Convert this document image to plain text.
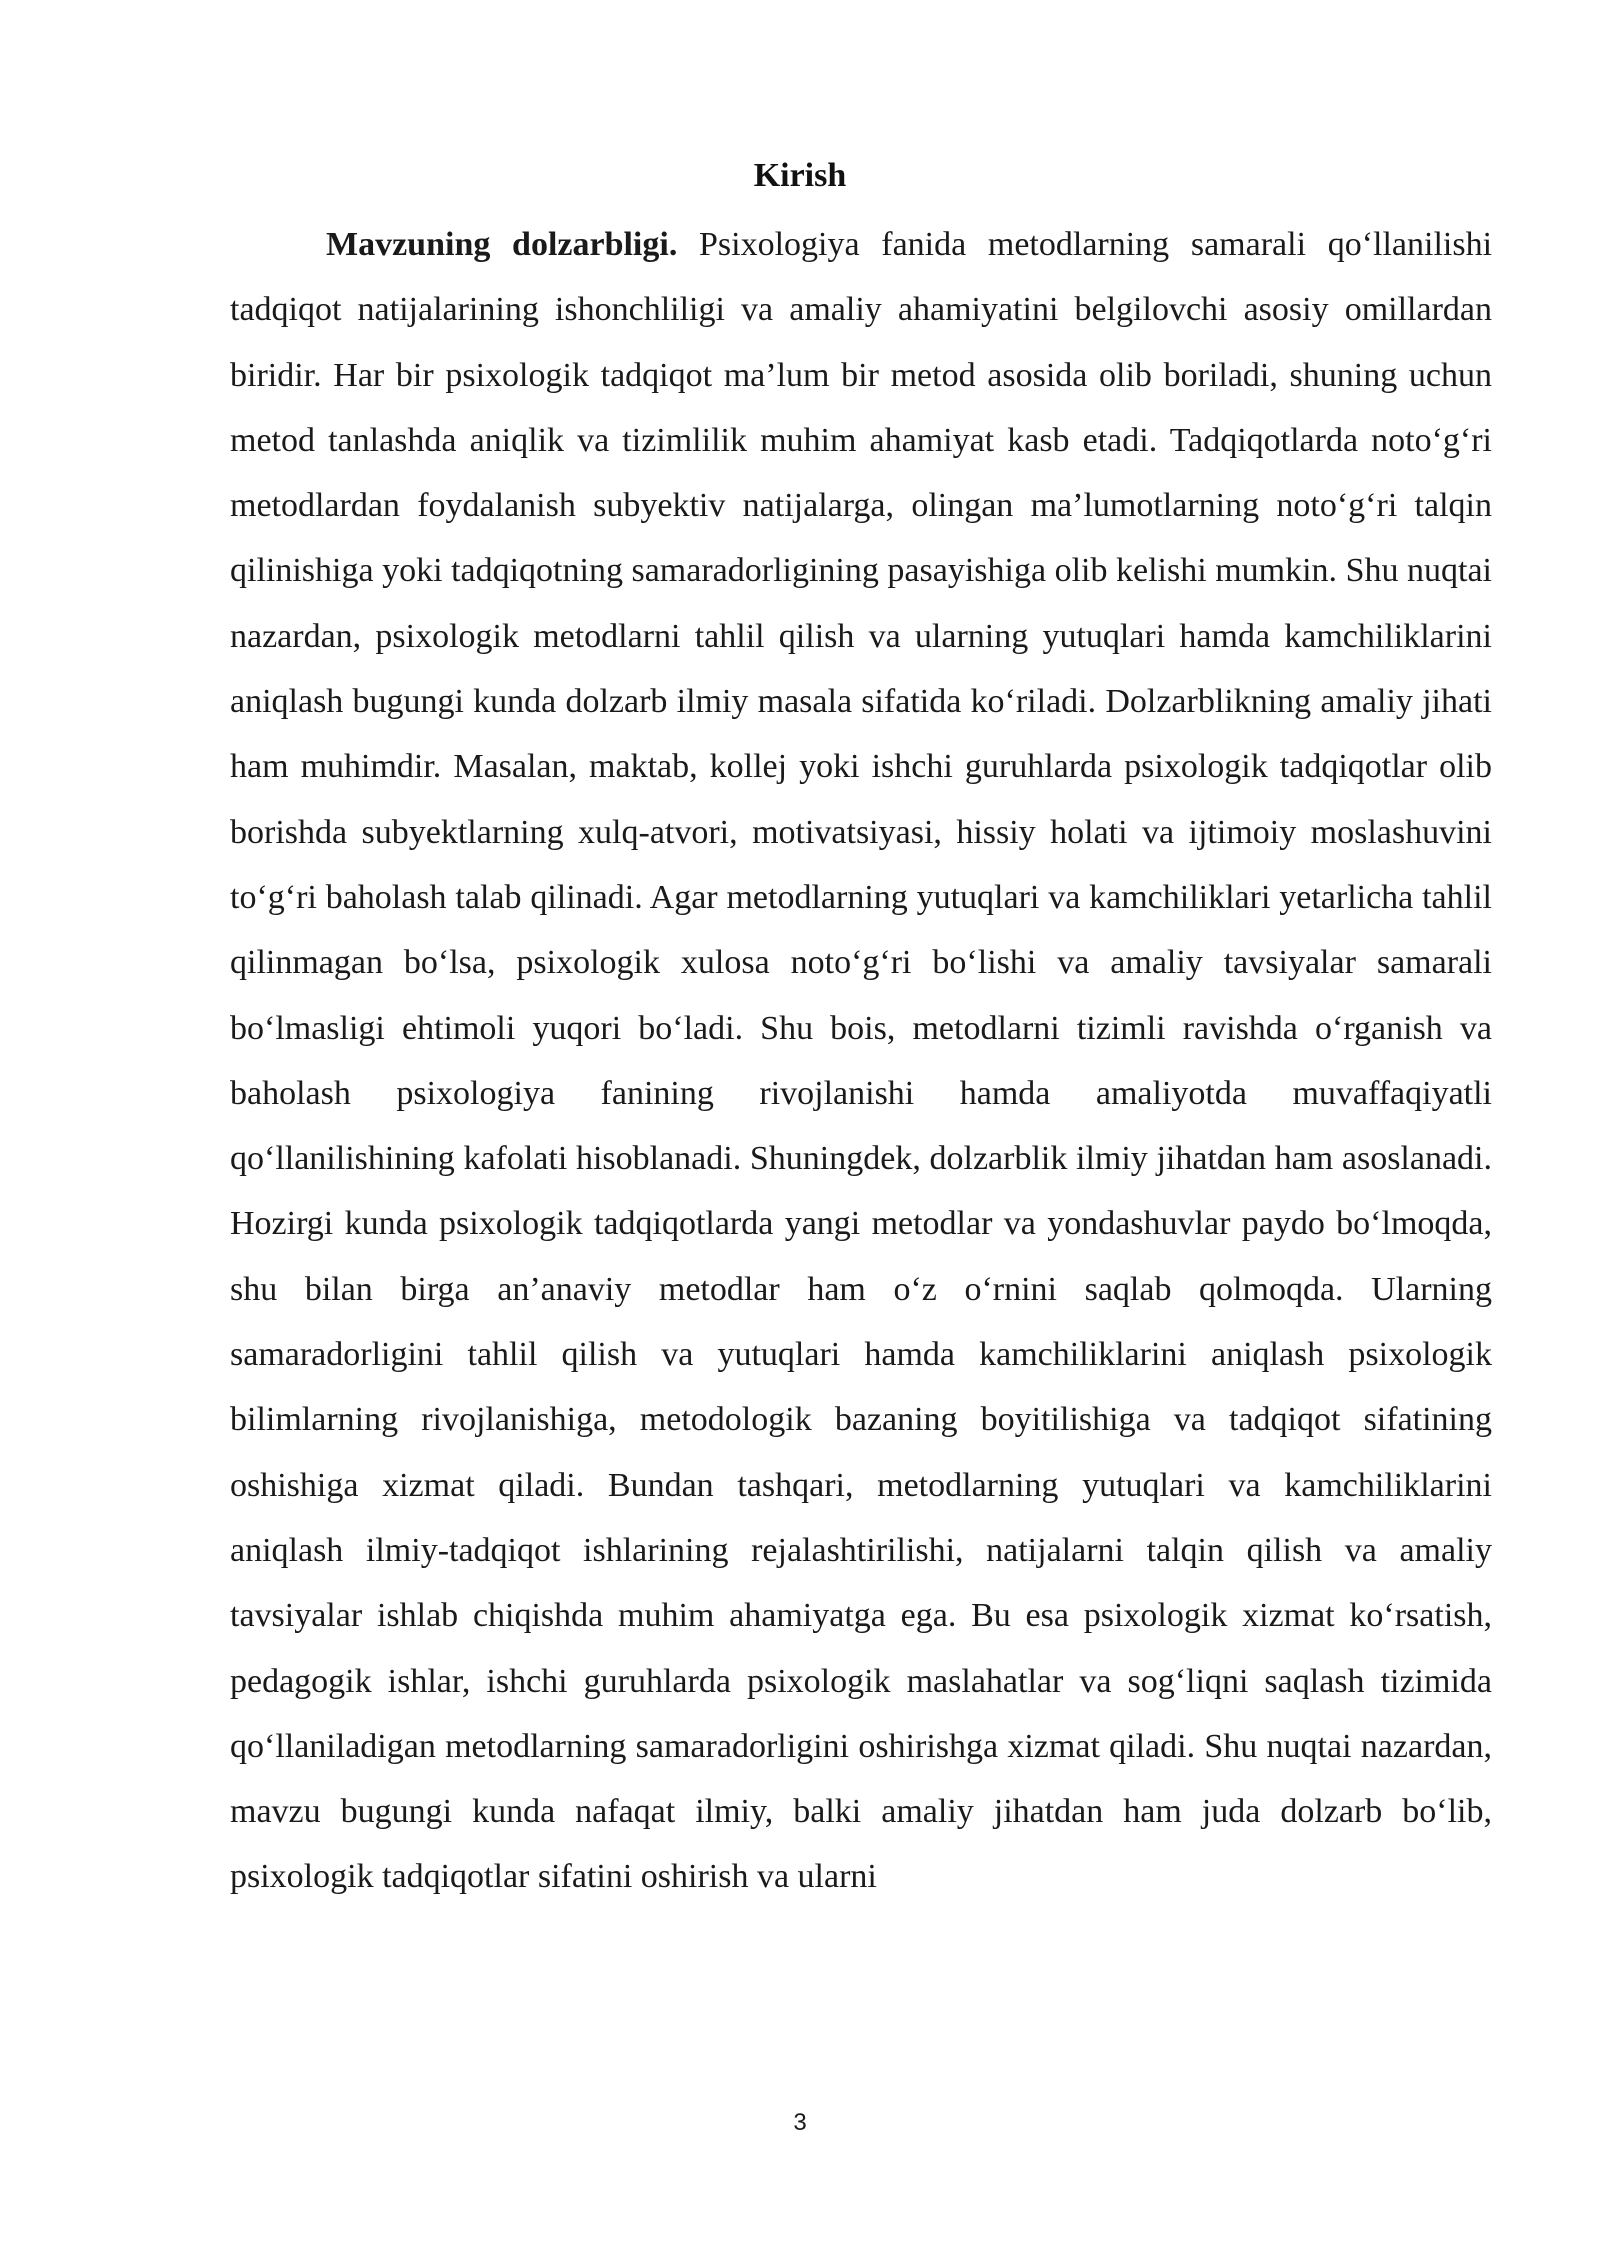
Kirish

Mavzuning dolzarbligi. Psixologiya fanida metodlarning samarali qo‘llanilishi tadqiqot natijalarining ishonchliligi va amaliy ahamiyatini belgilovchi asosiy omillardan biridir. Har bir psixologik tadqiqot ma’lum bir metod asosida olib boriladi, shuning uchun metod tanlashda aniqlik va tizimlilik muhim ahamiyat kasb etadi. Tadqiqotlarda noto‘g‘ri metodlardan foydalanish subyektiv natijalarga, olingan ma’lumotlarning noto‘g‘ri talqin qilinishiga yoki tadqiqotning samaradorligining pasayishiga olib kelishi mumkin. Shu nuqtai nazardan, psixologik metodlarni tahlil qilish va ularning yutuqlari hamda kamchiliklarini aniqlash bugungi kunda dolzarb ilmiy masala sifatida ko‘riladi. Dolzarblikning amaliy jihati ham muhimdir. Masalan, maktab, kollej yoki ishchi guruhlarda psixologik tadqiqotlar olib borishda subyektlarning xulq-atvori, motivatsiyasi, hissiy holati va ijtimoiy moslashuvini to‘g‘ri baholash talab qilinadi. Agar metodlarning yutuqlari va kamchiliklari yetarlicha tahlil qilinmagan bo‘lsa, psixologik xulosa noto‘g‘ri bo‘lishi va amaliy tavsiyalar samarali bo‘lmasligi ehtimoli yuqori bo‘ladi. Shu bois, metodlarni tizimli ravishda o‘rganish va baholash psixologiya fanining rivojlanishi hamda amaliyotda muvaffaqiyatli qo‘llanilishining kafolati hisoblanadi. Shuningdek, dolzarblik ilmiy jihatdan ham asoslanadi. Hozirgi kunda psixologik tadqiqotlarda yangi metodlar va yondashuvlar paydo bo‘lmoqda, shu bilan birga an’anaviy metodlar ham o‘z o‘rnini saqlab qolmoqda. Ularning samaradorligini tahlil qilish va yutuqlari hamda kamchiliklarini aniqlash psixologik bilimlarning rivojlanishiga, metodologik bazaning boyitilishiga va tadqiqot sifatining oshishiga xizmat qiladi. Bundan tashqari, metodlarning yutuqlari va kamchiliklarini aniqlash ilmiy-tadqiqot ishlarining rejalashtirilishi, natijalarni talqin qilish va amaliy tavsiyalar ishlab chiqishda muhim ahamiyatga ega. Bu esa psixologik xizmat ko‘rsatish, pedagogik ishlar, ishchi guruhlarda psixologik maslahatlar va sog‘liqni saqlash tizimida qo‘llaniladigan metodlarning samaradorligini oshirishga xizmat qiladi. Shu nuqtai nazardan, mavzu bugungi kunda nafaqat ilmiy, balki amaliy jihatdan ham juda dolzarb bo‘lib, psixologik tadqiqotlar sifatini oshirish va ularni

3
